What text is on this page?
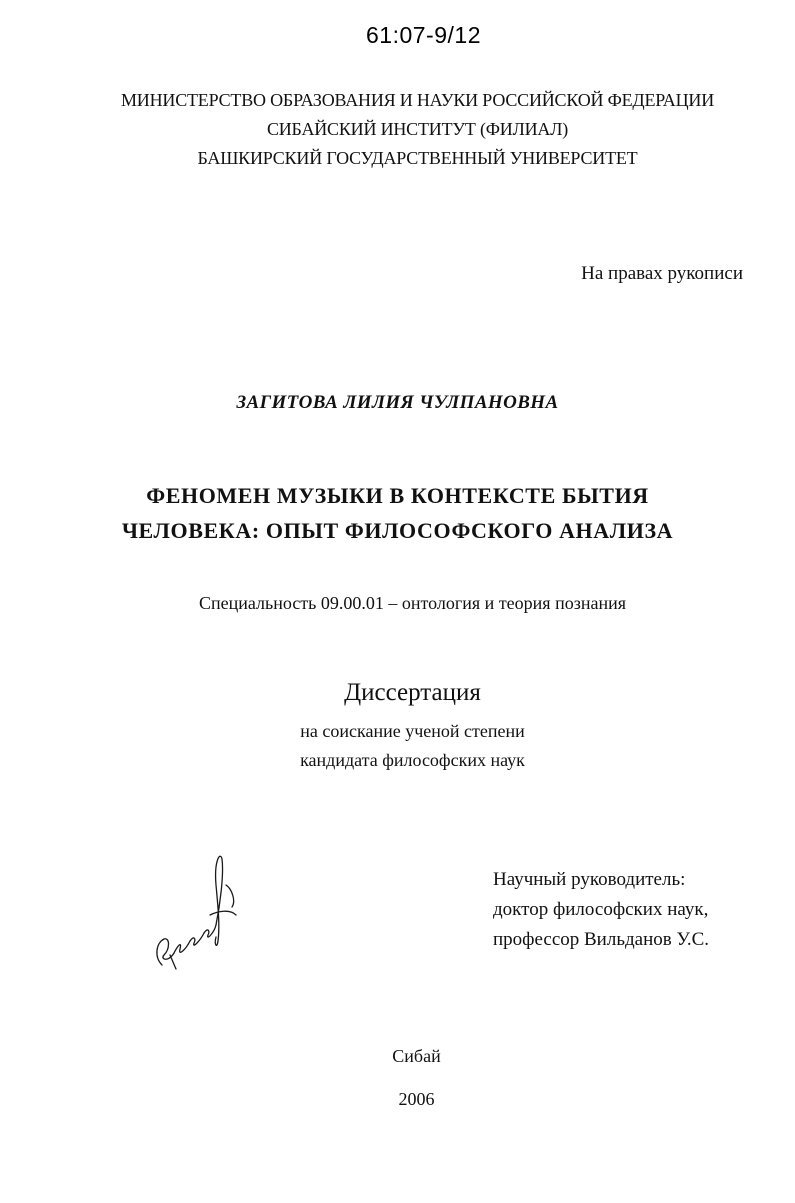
61:07-9/12
МИНИСТЕРСТВО ОБРАЗОВАНИЯ И НАУКИ РОССИЙСКОЙ ФЕДЕРАЦИИ
СИБАЙСКИЙ ИНСТИТУТ (ФИЛИАЛ)
БАШКИРСКИЙ ГОСУДАРСТВЕННЫЙ УНИВЕРСИТЕТ
На правах рукописи
ЗАГИТОВА ЛИЛИЯ ЧУЛПАНОВНА
ФЕНОМЕН МУЗЫКИ В КОНТЕКСТЕ БЫТИЯ
ЧЕЛОВЕКА: ОПЫТ ФИЛОСОФСКОГО АНАЛИЗА
Специальность 09.00.01 – онтология и теория познания
Диссертация
на соискание ученой степени
кандидата философских наук
Научный руководитель:
доктор философских наук,
профессор Вильданов У.С.
Сибай
2006
